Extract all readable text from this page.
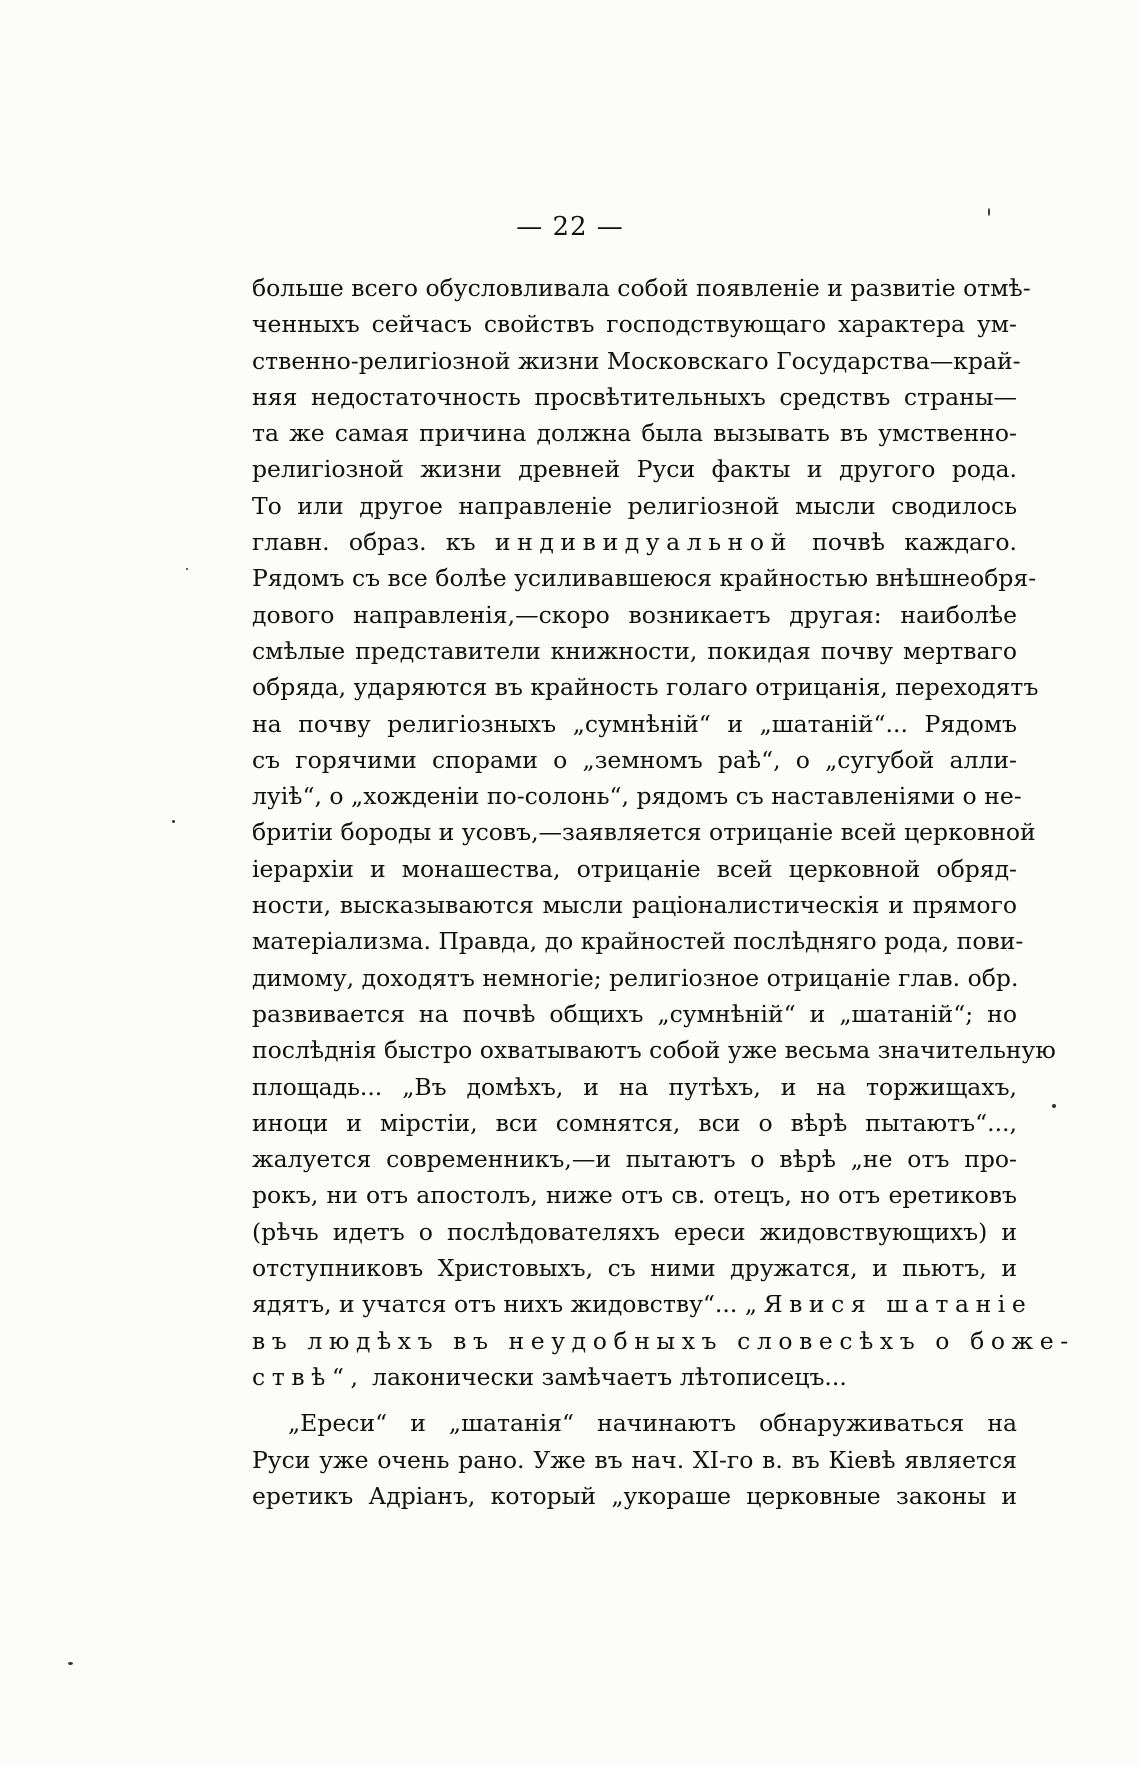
— 22 —
больше всего обусловливала собой появленіе и развитіе отмѣ-
ченныхъ сейчасъ свойствъ господствующаго характера ум-
ственно-религіозной жизни Московскаго Государства—край-
няя недостаточность просвѣтительныхъ средствъ страны—
та же самая причина должна была вызывать въ умственно-
религіозной жизни древней Руси факты и другого рода.
То или другое направленіе религіозной мысли сводилось
главн. образ. къ индивидуальной почвѣ каждаго.
Рядомъ съ все болѣе усиливавшеюся крайностью внѣшнеобря-
дового направленія,—скоро возникаетъ другая: наиболѣе
смѣлые представители книжности, покидая почву мертваго
обряда, ударяются въ крайность голаго отрицанія, переходятъ
на почву религіозныхъ „сумнѣній“ и „шатаній“... Рядомъ
съ горячими спорами о „земномъ раѣ“, о „сугубой алли-
луіѣ“, о „хожденіи по-солонь“, рядомъ съ наставленіями о не-
бритіи бороды и усовъ,—заявляется отрицаніе всей церковной
іерархіи и монашества, отрицаніе всей церковной обряд-
ности, высказываются мысли раціоналистическія и прямого
матеріализма. Правда, до крайностей послѣдняго рода, пови-
димому, доходятъ немногіе; религіозное отрицаніе глав. обр.
развивается на почвѣ общихъ „сумнѣній“ и „шатаній“; но
послѣднія быстро охватываютъ собой уже весьма значительную
площадь... „Въ домѣхъ, и на путѣхъ, и на торжищахъ,
иноци и мірстіи, вси сомнятся, вси о вѣрѣ пытаютъ“...,
жалуется современникъ,—и пытаютъ о вѣрѣ „не отъ про-
рокъ, ни отъ апостолъ, ниже отъ св. отецъ, но отъ еретиковъ
(рѣчь идетъ о послѣдователяхъ ереси жидовствующихъ) и
отступниковъ Христовыхъ, съ ними дружатся, и пьютъ, и
ядятъ, и учатся отъ нихъ жидовству“... „Явися шатаніе
въ людѣхъ въ неудобныхъ словесѣхъ о боже-
ствѣ“, лаконически замѣчаетъ лѣтописецъ...
„Ереси“ и „шатанія“ начинаютъ обнаруживаться на
Руси уже очень рано. Уже въ нач. XI-го в. въ Кіевѣ является
еретикъ Адріанъ, который „укораше церковные законы и
